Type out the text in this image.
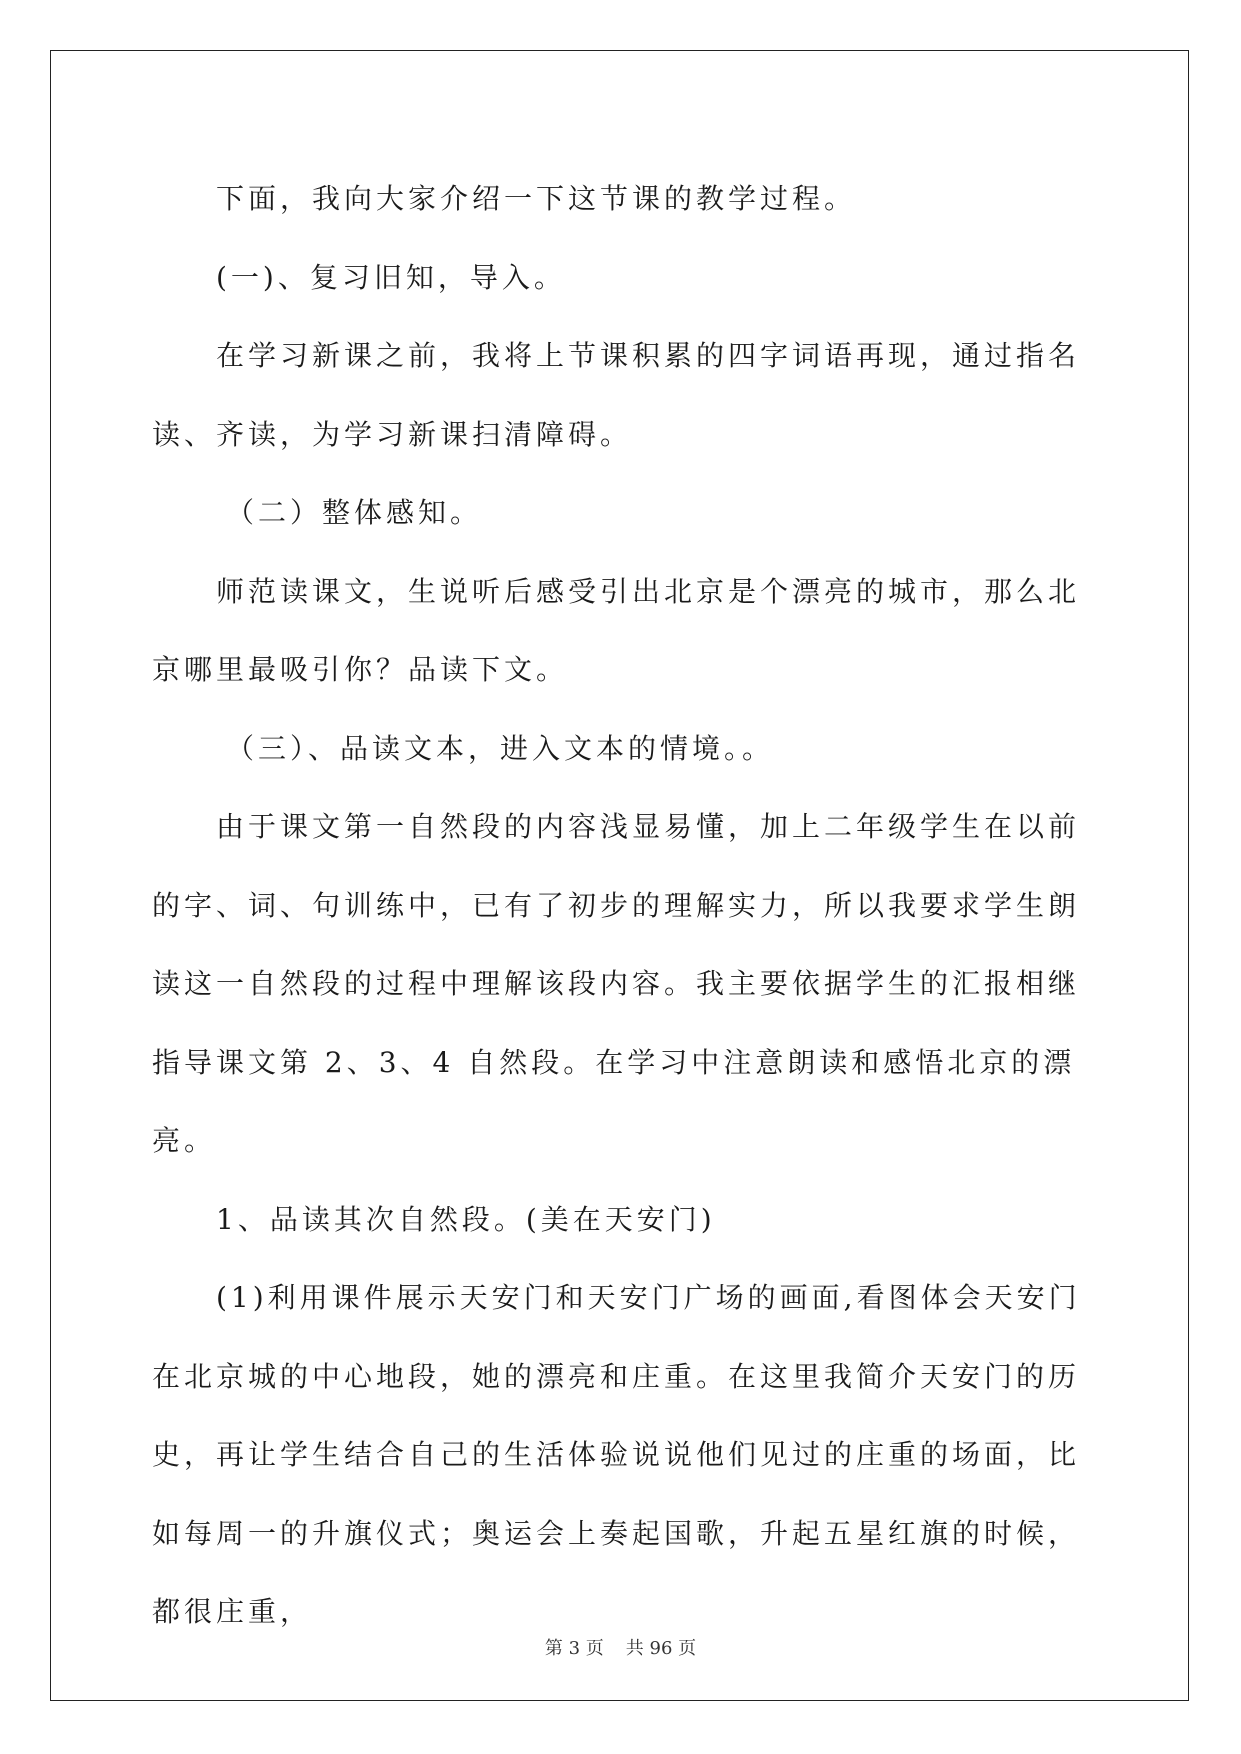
下面，我向大家介绍一下这节课的教学过程。

(一)、复习旧知，导入。

在学习新课之前，我将上节课积累的四字词语再现，通过指名读、齐读，为学习新课扫清障碍。

（二）整体感知。

师范读课文，生说听后感受引出北京是个漂亮的城市，那么北京哪里最吸引你？品读下文。

（三）、品读文本，进入文本的情境。。

由于课文第一自然段的内容浅显易懂，加上二年级学生在以前的字、词、句训练中，已有了初步的理解实力，所以我要求学生朗读这一自然段的过程中理解该段内容。我主要依据学生的汇报相继指导课文第 2、3、4 自然段。在学习中注意朗读和感悟北京的漂亮。

1、品读其次自然段。(美在天安门)

(1)利用课件展示天安门和天安门广场的画面,看图体会天安门在北京城的中心地段，她的漂亮和庄重。在这里我简介天安门的历史，再让学生结合自己的生活体验说说他们见过的庄重的场面，比如每周一的升旗仪式；奥运会上奏起国歌，升起五星红旗的时候，都很庄重，

第 3 页 共 96 页
